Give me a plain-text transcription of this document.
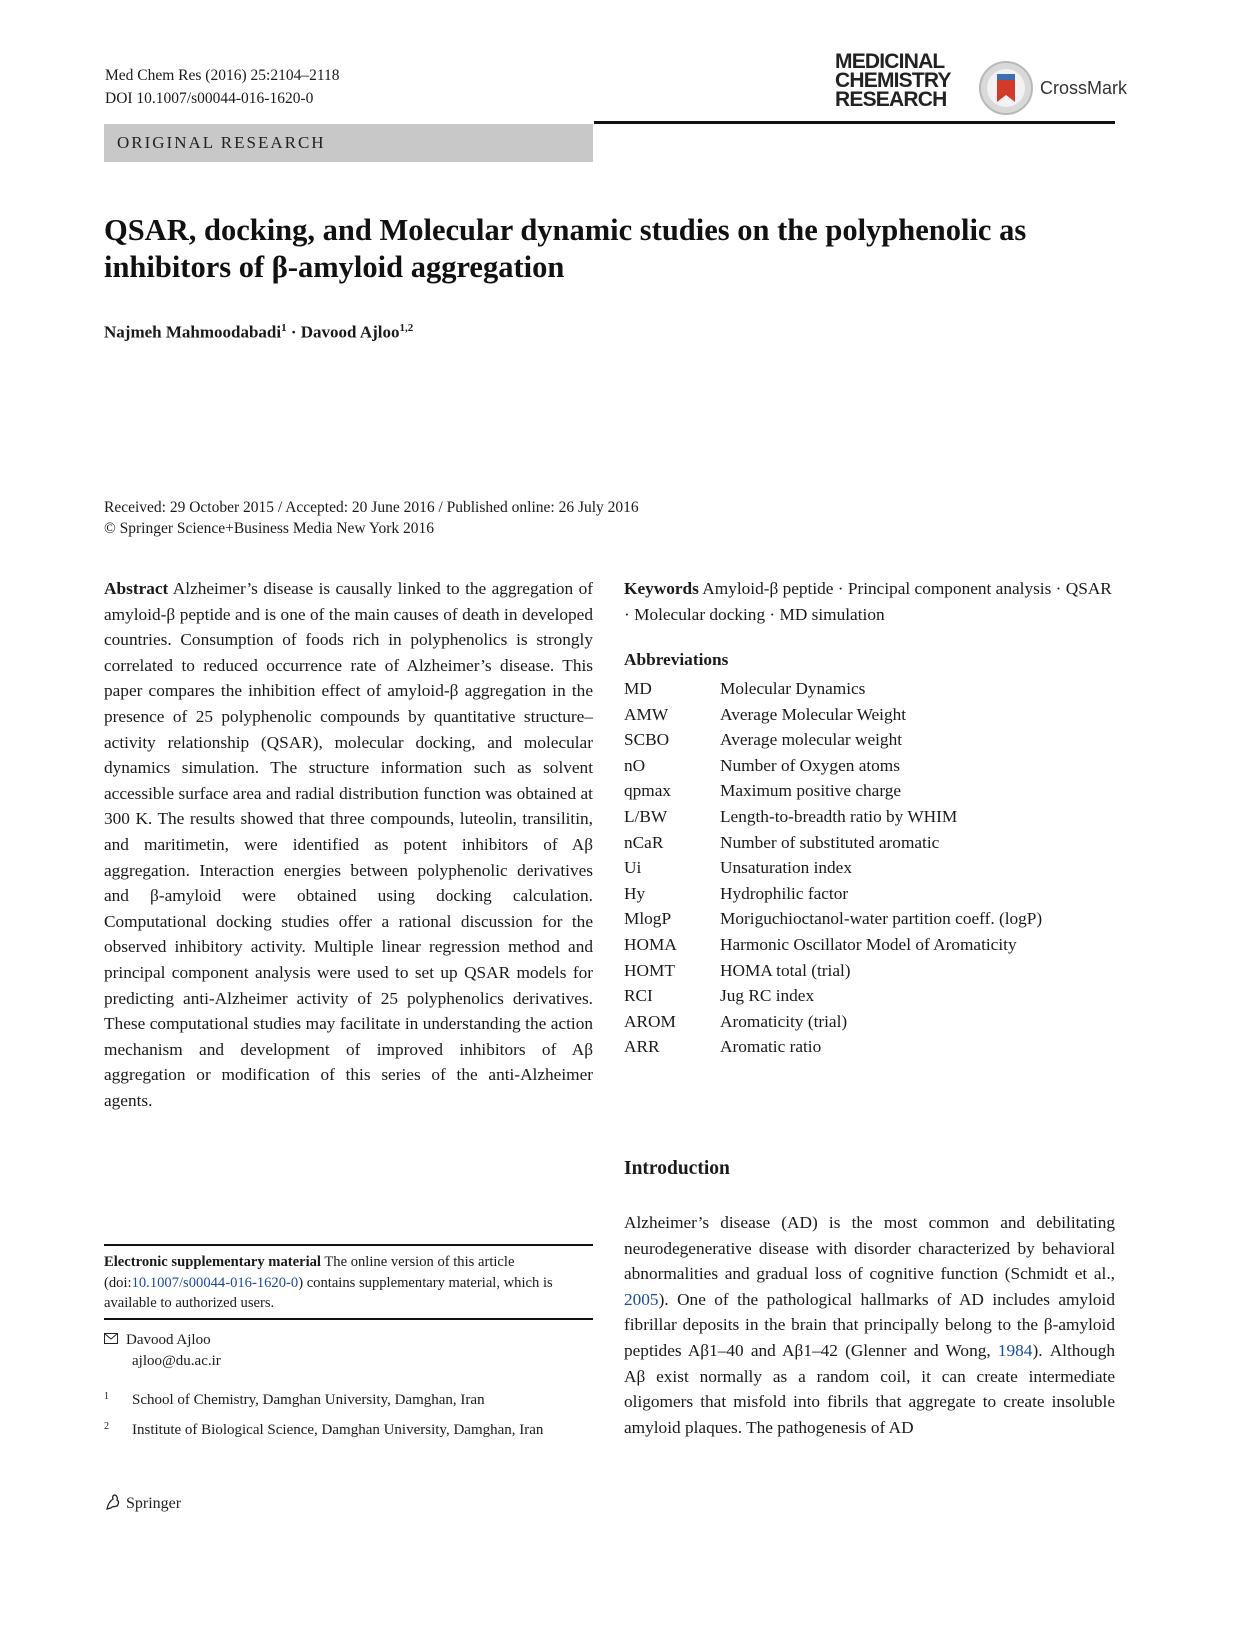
Med Chem Res (2016) 25:2104–2118
DOI 10.1007/s00044-016-1620-0
MEDICINAL
CHEMISTRY
RESEARCH	CrossMark
ORIGINAL RESEARCH
QSAR, docking, and Molecular dynamic studies on the polyphenolic as inhibitors of β-amyloid aggregation
Najmeh Mahmoodabadi$^1$ · Davood Ajloo$^{1,2}$
Received: 29 October 2015 / Accepted: 20 June 2016 / Published online: 26 July 2016
© Springer Science+Business Media New York 2016
Abstract Alzheimer’s disease is causally linked to the aggregation of amyloid-β peptide and is one of the main causes of death in developed countries. Consumption of foods rich in polyphenolics is strongly correlated to reduced occurrence rate of Alzheimer’s disease. This paper compares the inhibition effect of amyloid-β aggregation in the presence of 25 polyphenolic compounds by quantitative structure–activity relationship (QSAR), molecular docking, and molecular dynamics simulation. The structure information such as solvent accessible surface area and radial distribution function was obtained at 300 K. The results showed that three compounds, luteolin, transilitin, and maritimetin, were identified as potent inhibitors of Aβ aggregation. Interaction energies between polyphenolic derivatives and β-amyloid were obtained using docking calculation. Computational docking studies offer a rational discussion for the observed inhibitory activity. Multiple linear regression method and principal component analysis were used to set up QSAR models for predicting anti-Alzheimer activity of 25 polyphenolics derivatives. These computational studies may facilitate in understanding the action mechanism and development of improved inhibitors of Aβ aggregation or modification of this series of the anti-Alzheimer agents.
Electronic supplementary material The online version of this article (doi:10.1007/s00044-016-1620-0) contains supplementary material, which is available to authorized users.
Davood Ajloo
ajloo@du.ac.ir
1	School of Chemistry, Damghan University, Damghan, Iran
2	Institute of Biological Science, Damghan University, Damghan, Iran
Springer
Keywords Amyloid-β peptide · Principal component analysis · QSAR · Molecular docking · MD simulation
Abbreviations
MD	Molecular Dynamics
AMW	Average Molecular Weight
SCBO	Average molecular weight
nO	Number of Oxygen atoms
qpmax	Maximum positive charge
L/BW	Length-to-breadth ratio by WHIM
nCaR	Number of substituted aromatic
Ui	Unsaturation index
Hy	Hydrophilic factor
MlogP	Moriguchioctanol-water partition coeff. (logP)
HOMA	Harmonic Oscillator Model of Aromaticity
HOMT	HOMA total (trial)
RCI	Jug RC index
AROM	Aromaticity (trial)
ARR	Aromatic ratio
Introduction
Alzheimer’s disease (AD) is the most common and debilitating neurodegenerative disease with disorder characterized by behavioral abnormalities and gradual loss of cognitive function (Schmidt et al., 2005). One of the pathological hallmarks of AD includes amyloid fibrillar deposits in the brain that principally belong to the β-amyloid peptides Aβ1–40 and Aβ1–42 (Glenner and Wong, 1984). Although Aβ exist normally as a random coil, it can create intermediate oligomers that misfold into fibrils that aggregate to create insoluble amyloid plaques. The pathogenesis of AD
